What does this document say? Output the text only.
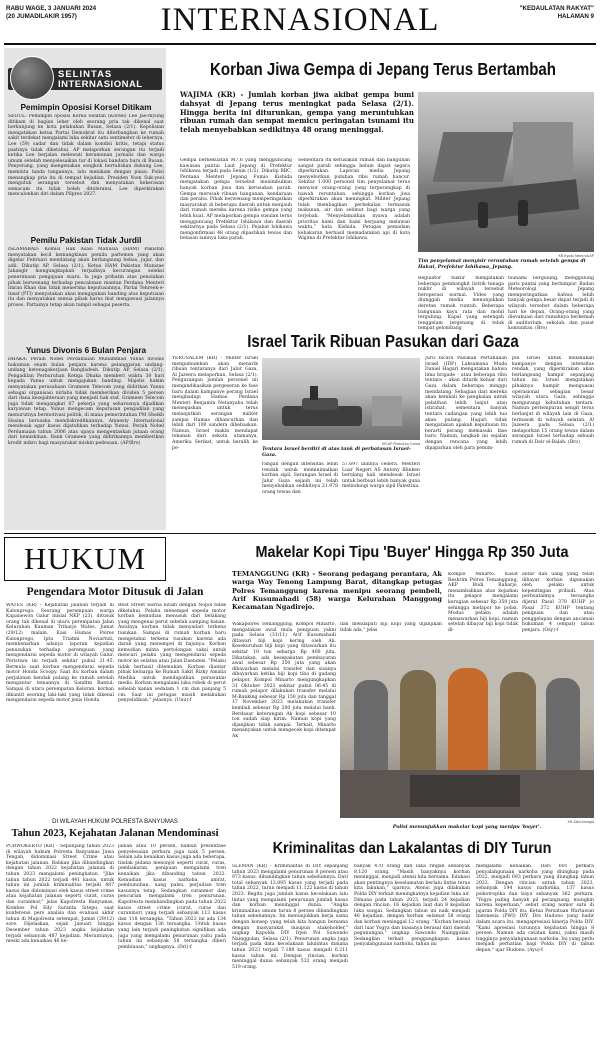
RABU WAGE, 3 JANUARI 2024
(20 JUMADILAKIR 1957)	INTERNASIONAL	"KEDAULATAN RAKYAT"
HALAMAN 9
SELINTAS
INTERNASIONAL
Pemimpin Oposisi Korsel Ditikam
SEOUL: Pemimpin oposisi Korea Selatan (Korsel) Lee Jae-myung ditikam di bagian leher oleh seorang pria tak dikenal saat berkunjung ke kota pelabuhan Busan, Selasa (2/1). Kepolisian mengatakan ketua Partai Demokrat itu diterbangkan ke rumah sakit terdekat mengalami luka sekitar satu sentimeter di lehernya. Lee (59) sadar dan tidak dalam kondisi kritis, tetapi status pastinya tidak diketahui. AP melaporkan serangan itu terjadi ketika Lee berjalan melewati kerumunan jurnalis dan warga umum setelah menyelesaikan tur di lokasi bandara baru di Busan. Penyerang, yang mengenakan songkok bertuliskan dukung Lee, meminta tanda tangannya, lalu menikam dengan pisau. Polisi menangkap pria itu di tempat kejadian. Presiden Yoon Suk-yeol mengutuk serangan tersebut dan menyatakan kekerasan semacam itu tidak boleh ditoleransi. Lee diperkirakan mencalonkan diri dalam Pilpres 2027.
Pemilu Pakistan Tidak Jurdil
ISLAMABAD: Komisi Hak Asasi Manusia (HAM) Pakistan menyatakan kecil kemungkinan pemilu parlemen yang akan digelar Februari mendatang akan berlangsung bebas, jujur, dan adil. Dikutip AP, Selasa (2/1), Ketua HAM Pakistan Munizae Jahangir mengungkapkan terjadinya kecurangan seleksi penerimaan pengajuan suara. Ia juga prihatin atas penolakan pihak berwenang terhadap pencalonan mantan Perdana Menteri Imran Khan dan tidak menerima keputusannya. Partai Tehreek-e-Insaf (PTI) menyatakan akan mengajukan banding atas keputusan itu dan menyatakan semua pihak harus ikut mengawasi jalannya proses. Partainya tetap akan tampil sebagai peserta.
Yunus Divonis 6 Bulan Penjara
DHAKA: Peraih Nobel Perdamaian Muhammad Yunus divonis hukuman enam bulan penjara karena pelanggaran undang-undang ketenagakerjaan Bangladesh. Dikutip AP, Selasa (2/1), Pengadilan Perburuhan Ketiga Dhaka memberi waktu 30 hari kepada Yunus untuk mengajukan banding. Majelis hakim menyatakan perusahaan Grameen Telecom yang didirikan Yunus sebagai organisasi nirlaba tidak memberikan dividen 5 persen dari dana kesejahteraan yang menjadi hak staf. Grameen Telecom juga tidak mengangkat 67 pekerja yang seharusnya dijadikan karyawan tetap. Yunus mengecam keputusan pengadilan yang menurutnya bermotivasi politik, di mana pemerintahan PM Sheikh Hasina berusaha mendiskreditkannya. Amnesty International mendesak agar kasus dijatuhkan terhadap Yunus. Peraih Nobel Perdamaian tahun 2006 atas upaya mengentaskan jutaan orang dari kemiskinan. Bank Grameen yang didirikannya memberikan kredit mikro bagi masyarakat miskin pedesaan. (AP/Bro)
Korban Jiwa Gempa di Jepang Terus Bertambah
WAJIMA (KR) - Jumlah korban jiwa akibat gempa bumi dahsyat di Jepang terus meningkat pada Selasa (2/1). Hingga berita ini diturunkan, gempa yang meruntuhkan ribuan rumah dan sempat memicu peringatan tsunami itu telah menyebabkan sedikitnya 48 orang meninggal.
Gempa berkekuatan M7,6 yang mengguncang kawasan pantai Laut Jepang di Prefektur Ishikawa terjadi pada Senin (1/2). Dikutip BBC, Perdana Menteri Jepang Fumio Kishida mengatakan gempa tersebut menimbulkan banyak korban jiwa dan kerusakan parah. Gempa merusak ribuan bangunan, kendaraan dan perahu. Pihak berwenang memperingatkan masyarakat di beberapa daerah untuk menjauh dari rumah mereka karena risiko gempa yang lebih kuat. AP melaporkan gempa susulan terus mengguncang Prefektur Ishikawa dan daerah sekitarnya pada Selasa (2/1). Pejabat Ishikawa mengonfirmasi 48 orang dipastikan tewas dan belasan lainnya luka parah.
Sementara itu kerusakan rumah dan bangunan sangat parah sehingga belum dapat segera diperkirakan. Laporan media Jepang menyebutkan puluhan ribu rumah hancur. Sekitar 1.000 personel tim penyelamat terus menyisir orang-orang yang terperangkap di bawah reruntuhan, sehingga korban jiwa diperkirakan akan meningkat. Militer Jepang telah membagikan perbekalan termasuk makanan, air dan selimut bagi warga yang terjebak. "Menyelamatkan nyawa adalah prioritas kami dan kami berjuang melawan waktu," kata Kishida. Petugas pemadam kebakaran berhasil memadamkan api di kota Wajima di Prefektur Ishikawa.
KR-Kyodo News via AP
Tim penyelamat menyisir reruntuhan rumah setelah gempa di Hakui, Prefektur Ishikawa, Jepang.
Regulator nuklir mengatakan beberapa pembangkit listrik tenaga nuklir di wilayah tersebut beroperasi normal. Video yang diunggah media menunjukkan deretan rumah runtuh. Beberapa bangunan kayu rata dan mobil tergulung. Kapal yang setengah tenggelam tergenang di teluk tempat gelombang
tsunami bergulung, menggulung garis pantai yang berlumpur. Badan Meteorologi Jepang memperingatkan bahwa lebih banyak gempa besar dapat terjadi di wilayah tersebut dalam beberapa hari ke depan. Orang-orang yang dievakuasi dari rumahnya berkemah di auditorium, sekolah, dan pusat komunitas. (Bro)
Israel Tarik Ribuan Pasukan dari Gaza
YERUSALEM (KR) - Militer Israel mengumumkan akan menarik ribuan tentaranya dari Jalur Gaza, Al Jazeera melaporkan, Selasa (2/1). Pengurangan jumlah personel ini mengindikasikan pergeseran ke fase baru dalam kampanye perang Israel menghadapi Hamas. Perdana Menteri Benjamin Netanyahu telah menegaskan untuk terus melanjutkan serangan militer sampai Hamas dihancurkan dan lebih dari 100 sandera dibebaskan. Namun, Israel makin mendapat tekanan dari sekutu utamanya, Amerika Serikat, untuk beralih ke pe-
KR-AP Photo/Leo Correa
Tentara Israel berdiri di atas tank di perbatasan Israel-Gaza.
rangan dengan intensitas lebih rendah untuk meminimalkan korban sipil. Serangan Israel di Jalur Gaza sejauh ini telah menyebabkan sedikitnya 21.978 orang tewas dan
57.697 lainnya cedera. Menteri Luar Negeri AS Antony Blinken berulang kali mendesak Israel untuk berbuat lebih banyak guna melindungi warga sipil Palestina.
Juru bicara Pasukan Pertahanan Israel (IDF) Laksamana Muda Daniel Hagari mengatakan bahwa lima brigade - atau beberapa ribu tentara - akan ditarik keluar dari Gaza dalam beberapa minggu mendatang. Sebagian dari mereka akan kembali ke pangkalan untuk pelatihan lebih lanjut atau istirahat, sementara banyak tentara cadangan yang lebih tua akan pulang. Hagari tidak mengatakan apakah keputusan itu berarti perang memasuki fase baru. Namun, langkah ini sejalan dengan rencana yang lebih dipaparkan oleh para pemim-
pin Israel untuk melakukan kampanye dengan intensitas rendah, yang diperkirakan akan berlangsung hampir sepanjang tahun ini. Israel mengatakan pihaknya hampir menguasai operasional sebagian besar wilayah utara Gaza, sehingga mengurangi kebutuhan tentara. Namun pertempuran sengit terus berlanjut di wilayah lain di Gaza, termasuk di wilayah selatan. Al Jazeera pada Selasa (2/1) melaporkan 15 orang tewas dalam serangan Israel terhadap sebuah rumah di Deir el-Balah. (Bro)
HUKUM
Pengendara Motor Ditusuk di Jalan
WATES (KR) - Kejahatan jalanan terjadi di Kulonprogo. Seorang perempuan warga Kapanewon Galur inisial NKP (23), ditusuk orang tak dikenal di utara perempatan Jalan Kelurahan Kuuman Triharjo Wates, Jumat (29/12) malam. Kasi Humas Polres Kulonprogo, Iptu Triatmi Noviartuti, membenarkan adanya laporan kejadian penusukan terhadap perempuan yang mengendarai sepeda motor di wilayah Galur. Peristiwa ini terjadi sekitar pukul 21.45. Bermula saat korban mengendarai sepeda motor Honda Scoopy. Saat itu korban dalam perjalanan hendak pulang ke rumah setelah mengantar temannya di Sandtm Bantul. Sampai di utara perempatan Keloran, korban dikuntit seorang laki-laki yang tidak dikenal mengendarai sepeda motor jenis Honda
Beat Street warna hitam dengan Nopol tidak diketahui. Pelaku menempel sepeda motor korban kemudian menusuk dari belakang yang mengenai perut sebelah samping kanan. Awalnya korban tidak menyadari terkena tusukan. Sampai di rumah korban baru mengetahui terkena tusukan karena ada darah yang menempel di bajunya. Korban kemudian minta pertolongan saksi untuk mencari pelaku yang mengendarai sepeda motor ke selatan atau Jalan Daendels. "Pelaku tidak berhasil ditemukan. Korban diantar pihak keluarga ke Rumah Sakit Rizky Amalia Medika untuk mendapatkan perawatan medis. Korban mengalami luka robek di perut sebelah kanan sedalam 1 cm dan panjang 5 cm. Saat ini petugas masih melakukan penyelidikan," jelasnya. (Unu)-f
DI WILAYAH HUKUM POLRESTA BANYUMAS
Tahun 2023, Kejahatan Jalanan Mendominasi
PURWOKERTO (KR) - Sepanjang tahun 2023 di wilayah hukum Polresta Banyumas Jawa Tengah, didominasi Street Crime atau kejahatan jalanan. Bahkan jika dibandingkan dengan tahun 2022 kejahatan jalanan di tahun 2023 mengalami peningkatan. "Jika tahun tahun 2022 terjadi 441 kasus, untuk tahun ini jumlah kriminalitas terjadi 487 kasus dan didominasi oleh kasus street crime atau kejahatan jalanan seperti curat, curas dan curanmor," jelas Kapolresta Banyumas, Kombes Pol Edy Suranta Sitepu, saat konferensi pers analisa dan evaluasi akhir tahun di Mapolresta setempat, Jumat (29/12) sore. Dijelaskan, sejak Januari hingga Desember tahun 2023 angka kejahatan terjadi sebanyak 487 kejadian. Meruntunya, meski ada kenaikan 46 ke-
jadian atau 10 persen, namun presentase penyelesaian perkara juga naik 5 persen. Selain ada kenaikan kasus juga ada beberapa, tindak pidana menonjol seperti curat, curas, pembakaran, penipuan mengalami tren kenaikan jika dibanding tahun 2022. Kemudian kasus narkoba, anirat, pembunuhan, uang palsu, perjudian tren kasusnya tetap. Sedangkan curanmor dan pencurian mengalami tren penurunan. Kapolresta membandingkan pada tahun 2022 kasus street crime (curat, curas dan curanmor) yang terjadi sebanyak 113 kasus dan 118 tersangka. "Tahun 2023 ini ada 134 kasus dengan 136 tersangka. Untuk kasus yang lain terjadi peningkatan signifikan ada juga yang mengalami penurunan yaitu pada tahun ini sebanyak 58 tersangka diberi pembinaan," ungkapnya. (Dri)-f
Makelar Kopi Tipu 'Buyer' Hingga Rp 350 Juta
TEMANGGUNG (KR) - Seorang pedagang perantara, Ak warga Way Tenong Lampung Barat, ditangkap petugas Polres Temanggung karena menipu seorang pembeli, Arif Kusumahadi (58) warga Kelurahan Manggong Kecamatan Ngadirejo.
Wakapolres Temanggung, Kompol Minarto, mengatakan awal mula penipuan yakni pada Selasa (31/11) Arif Kusumahadi ditawari biji kopi kering oleh Ak. Kesekuruhan biji kopi yang ditawarkan itu sekitar 10 ton seharga Rp 400 juta. Dikatakan, ada kesepakatan pembayaran awal sebesar Rp 350 juta yang akan dibayarkan melalui transfer dan sisanya dibayarkan ketika biji kopi tiba di gudang pelapor. Kompol Minarto mengungkapkan 31 Oktober 2023 sekitar pukul 06.45 di rumah pelapor dilakukan transfer melalui M-Banking sebesar Rp 150 juta dan tanggal 17 November 2023 melakukan transfer kembali sebesar Rp 200 juta melalui bank. Berdasar keterangan Ak kopi sebesar 10 ton sudah siap kirim. Namun kopi yang dijanjikan tidak sampai. Terkait, Minarto menanyakan untuk mengecek kopi ditempat Ak
dan mendapati biji kopi yang dijanjikan tidak ada," jelas
Kompol Minarto. Kasat Reskrim Polres Temanggung, AKP Budi Raharjo, menambahkan atas kejadian itu pelapor mengalami kerugian sebesar Rp 350 juta sehingga melapor ke polisi. Modus pelaku adalah menawarkan biji kopi, namun setelah dibayar biji kopi tidak di-
antar dan uang yang telah dibayar korban digunakan oleh pelaku untuk kepentingan pribadi. Atas perbuatannya tersangka dijerat Pasal 378 KUHP jo Pasal 372 KUHP tentang penipuan dan atau penggelapan dengan ancaman hukuman 4 (empat) tahun penjara. (Osy)-f
KR-Zaini Arrosyid
Polisi menunjukkan makelar kopi yang menipu 'buyer'.
Kriminalitas dan Lakalantas di DIY Turun
SLEMAN (KR) - Kriminalitas di DIY sepanjang tahun 2023 mengalami penurunan 8 persen atau 973 kasus, dibandingkan tahun sebelumnya. Dari total sebanyak 12.095 kasus yang terjadi pada tahun 2022, turun menjadi 11.122 kasus di tahun 2023. Begitu juga jumlah kasus kecelakaan lalu lintas yang mengalami penurunan jumlah kasus dan korban meninggal dunia. "Angka kriminalitas umum turun 8 persen dibandingkan tahun sebelumnya. Ini menunjukkan kerja sama dengan konsep yang telah kita bangun bersama dengan masyarakat maupun stakeholder," ungkap Kapolda DIY Irjen Pol Suwondo Nainggolan, Selasa (2/1). Penurunan angka juga terjadi pada data kecelakaan lalulintas dimana tahun 2023 terjadi 7.188 kasus menjadi 6.211 kasus tahun ini. Dengan rincian, korban meninggal dunia sebanyak 532 orang menjadi 519 orang.
banyak 470 orang dan luka ringan sebanyak 8.120 orang. "Masih banyaknya korban meninggal, menjadi atensi kita bersama. Edukasi akan pentingnya keselamatan berlalu lintas terus kita lakukan," ujarnya. Atensi juga dilakukan Polda DIY terkait meningkatnya kejadian luka air. Dimana pada tahun 2023, terjadi 24 kejadian dengan rincian, 16 kejadian laut dan 8 kejadian luka sungai. Sedangkan tahun ini naik menjadi 46 kejadian, dengan korban selamat 58 orang dan korban meninggal 12 orang. "Korban berasal dari luar Yogya dan biasanya berasal dari daerah pegunungan," ungkap Suwondo Nainggolan. Sedangkan terkait penggungkapan kasus penyalahgunaan narkoba, tahun ini
mengalami kenaikan. Dari 601 perkara penyalahgunaan narkoba yang diungkap pada 2022, menjadi 693 perkara yang diungkap tahun 2023. Dengan rincian untuk tahun 2023, sebanyak 194 kasus narkotika, 137 kasus psikotropika dan bayu sebanyak 362 perkara. "Yogya paling banyak pil perangsang, mungkin karena keperluan," sebut orang nomor satu di jajaran Polda DIY itu. Ketua Persatuan Wartawan Indonesia (PWI) DIY, Drs Hudono yang hadir dalam acara itu, mengapresiasi kinerja Polda DIY. "Kami apresiasi turunnya kejahatan hingga 8 persen. Namun ada catatan kami, yakni masih tingginya penyalahgunaan narkoba. Ini yang perlu menjadi perhatian bagi Polda DIY di tahun depan," ujar Hudono. (Ayu)-f
